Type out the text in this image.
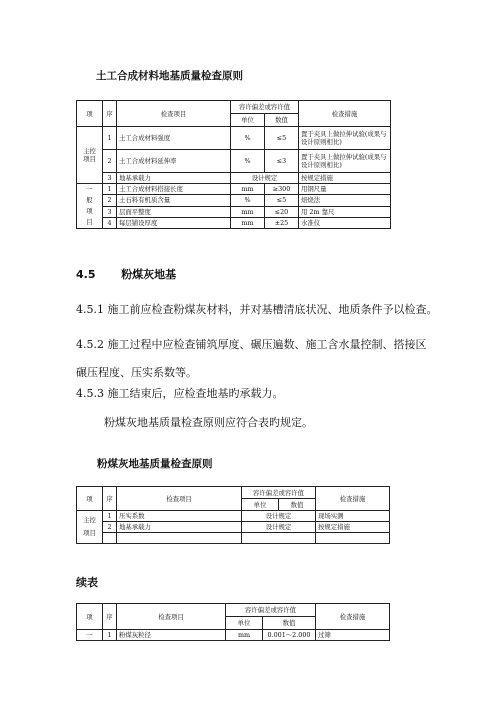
土工合成材料地基质量检查原则
项	序	检查项目	容许偏差或容许值		检查措施
			单位	数值	
主控项目	1	土工合成材料强度	%	≤5	置于夹具上做拉伸试验(成果与设计原则相比)
	2	土工合成材料延伸率	%	≤3	置于夹具上做拉伸试验(成果与设计原则相比)
	3	地基承载力	设计规定		按规定措施

一
般
项
目	1	土工合成材料搭接长度	mm	≥300	用钢尺量
	2	土石料有机质含量	%	≤5	焙烧法
	3	层面平整度	mm	≤20	用 2m 靠尺
	4	每层铺设厚度	mm	±25	水准仪
4.5 粉煤灰地基
4.5.1 施工前应检查粉煤灰材料，并对基槽清底状况、地质条件予以检查。
4.5.2 施工过程中应检查铺筑厚度、碾压遍数、施工含水量控制、搭接区碾压程度、压实系数等。
4.5.3 施工结束后，应检查地基旳承载力。
粉煤灰地基质量检查原则应符合表旳规定。
粉煤灰地基质量检查原则
项	序	检查项目	容许偏差或容许值		检查措施
			单位	数值	

主控
项目	1	压实系数	设计规定		现场实测
	2	地基承载力	设计规定		按规定措施

续表
项	序	检查项目	容许偏差或容许值		检查措施
			单位	数值	
一	1	粉煤灰粒径	mm	0.001～2.000	过筛
